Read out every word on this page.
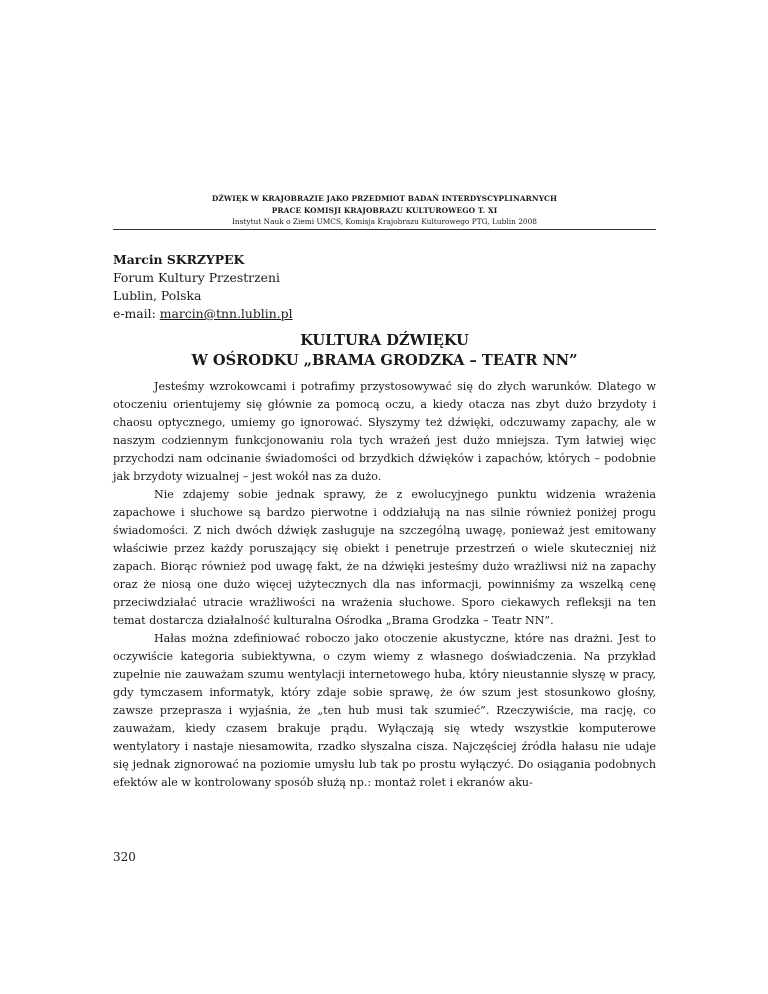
DŹWIĘK W KRAJOBRAZIE JAKO PRZEDMIOT BADAŃ INTERDYSCYPLINARNYCH
PRACE KOMISJI KRAJOBRAZU KULTUROWEGO T. XI
Instytut Nauk o Ziemi UMCS, Komisja Krajobrazu Kulturowego PTG, Lublin 2008
Marcin SKRZYPEK
Forum Kultury Przestrzeni
Lublin, Polska
e-mail: marcin@tnn.lublin.pl
KULTURA DŹWIĘKU
W OŚRODKU „BRAMA GRODZKA – TEATR NN”

Jesteśmy wzrokowcami i potrafimy przystosowywać się do złych warunków. Dlatego w otoczeniu orientujemy się głównie za pomocą oczu, a kiedy otacza nas zbyt dużo brzydoty i chaosu optycznego, umiemy go ignorować. Słyszymy też dźwięki, odczuwamy zapachy, ale w naszym codziennym funkcjonowaniu rola tych wrażeń jest dużo mniejsza. Tym łatwiej więc przychodzi nam odcinanie świadomości od brzydkich dźwięków i zapachów, których – podobnie jak brzydoty wizualnej – jest wokół nas za dużo.

Nie zdajemy sobie jednak sprawy, że z ewolucyjnego punktu widzenia wrażenia zapachowe i słuchowe są bardzo pierwotne i oddziałują na nas silnie również poniżej progu świadomości. Z nich dwóch dźwięk zasługuje na szczególną uwagę, ponieważ jest emitowany właściwie przez każdy poruszający się obiekt i penetruje przestrzeń o wiele skuteczniej niż zapach. Biorąc również pod uwagę fakt, że na dźwięki jesteśmy dużo wrażliwsi niż na zapachy oraz że niosą one dużo więcej użytecznych dla nas informacji, powinniśmy za wszelką cenę przeciwdziałać utracie wrażliwości na wrażenia słuchowe. Sporo ciekawych refleksji na ten temat dostarcza działalność kulturalna Ośrodka „Brama Grodzka – Teatr NN”.

Hałas można zdefiniować roboczo jako otoczenie akustyczne, które nas drażni. Jest to oczywiście kategoria subiektywna, o czym wiemy z własnego doświadczenia. Na przykład zupełnie nie zauważam szumu wentylacji internetowego huba, który nieustannie słyszę w pracy, gdy tymczasem informatyk, który zdaje sobie sprawę, że ów szum jest stosunkowo głośny, zawsze przeprasza i wyjaśnia, że „ten hub musi tak szumieć”. Rzeczywiście, ma rację, co zauważam, kiedy czasem brakuje prądu. Wyłączają się wtedy wszystkie komputerowe wentylatory i nastaje niesamowita, rzadko słyszalna cisza. Najczęściej źródła hałasu nie udaje się jednak zignorować na poziomie umysłu lub tak po prostu wyłączyć. Do osiągania podobnych efektów ale w kontrolowany sposób służą np.: montaż rolet i ekranów aku-

320
